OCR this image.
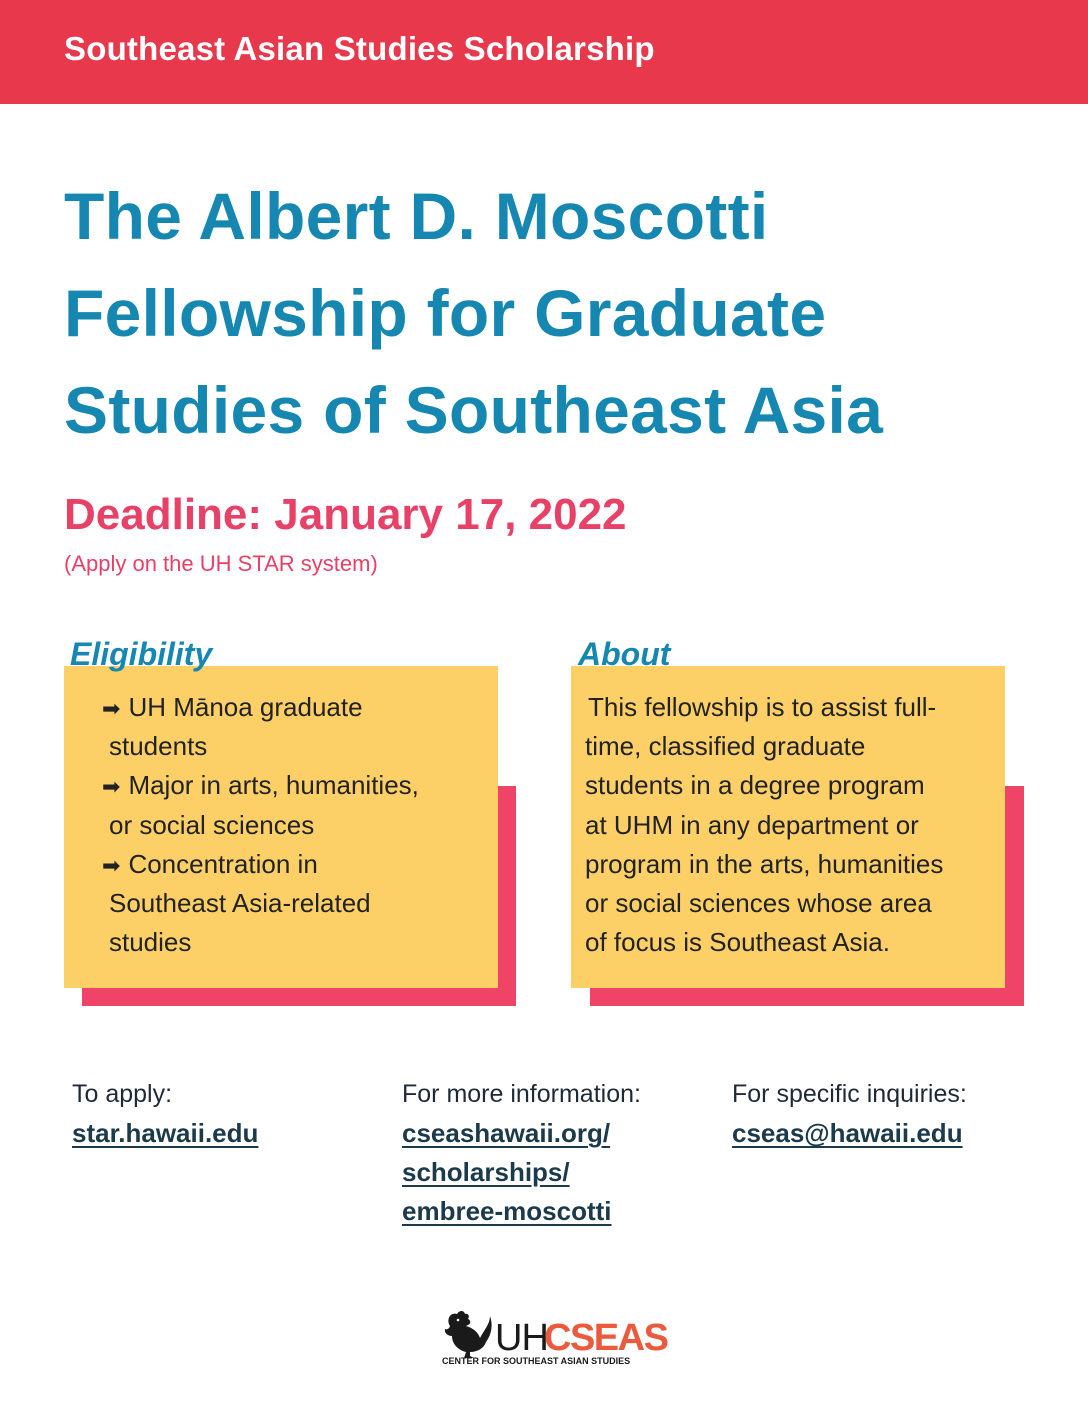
Southeast Asian Studies Scholarship
The Albert D. Moscotti
Fellowship for Graduate
Studies of Southeast Asia
Deadline: January 17, 2022
(Apply on the UH STAR system)
Eligibility
➡ UH Mānoa graduate
students
➡ Major in arts, humanities,
or social sciences
➡ Concentration in
Southeast Asia-related
studies
About
This fellowship is to assist full-
time, classified graduate
students in a degree program
at UHM in any department or
program in the arts, humanities
or social sciences whose area
of focus is Southeast Asia.
To apply:
star.hawaii.edu
For more information:
cseashawaii.org/
scholarships/
embree-moscotti
For specific inquiries:
cseas@hawaii.edu
UH
CSEAS
CENTER FOR SOUTHEAST ASIAN STUDIES
